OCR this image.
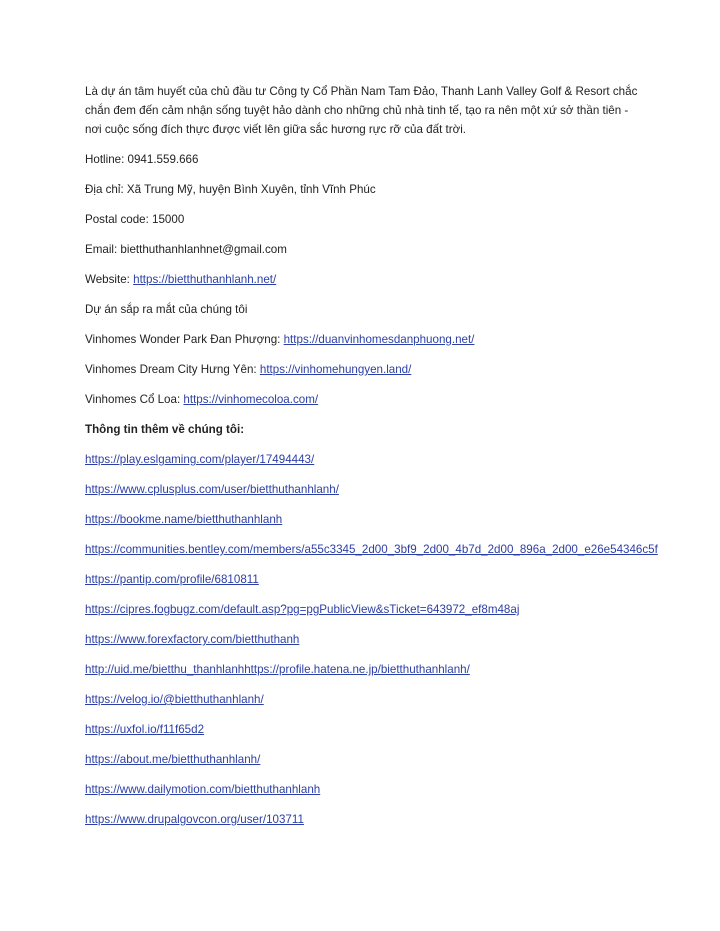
Là dự án tâm huyết của chủ đầu tư Công ty Cổ Phần Nam Tam Đảo, Thanh Lanh Valley Golf & Resort chắc chắn đem đến cảm nhận sống tuyệt hảo dành cho những chủ nhà tinh tế, tạo ra nên một xứ sở thần tiên - nơi cuộc sống đích thực được viết lên giữa sắc hương rực rỡ của đất trời.

Hotline: 0941.559.666

Địa chỉ: Xã Trung Mỹ, huyện Bình Xuyên, tỉnh Vĩnh Phúc

Postal code: 15000

Email: bietthuthanhlanhnet@gmail.com

Website: https://bietthuthanhlanh.net/

Dự án sắp ra mắt của chúng tôi

Vinhomes Wonder Park Đan Phượng: https://duanvinhomesdanphuong.net/

Vinhomes Dream City Hưng Yên: https://vinhomehungyen.land/

Vinhomes Cổ Loa: https://vinhomecoloa.com/

Thông tin thêm về chúng tôi:

https://play.eslgaming.com/player/17494443/

https://www.cplusplus.com/user/bietthuthanhlanh/

https://bookme.name/bietthuthanhlanh

https://communities.bentley.com/members/a55c3345_2d00_3bf9_2d00_4b7d_2d00_896a_2d00_e26e54346c5f

https://pantip.com/profile/6810811

https://cipres.fogbugz.com/default.asp?pg=pgPublicView&sTicket=643972_ef8m48aj

https://www.forexfactory.com/bietthuthanh

http://uid.me/bietthu_thanhlanhhttps://profile.hatena.ne.jp/bietthuthanhlanh/

https://velog.io/@bietthuthanhlanh/

https://uxfol.io/f11f65d2

https://about.me/bietthuthanhlanh/

https://www.dailymotion.com/bietthuthanhlanh

https://www.drupalgovcon.org/user/103711
